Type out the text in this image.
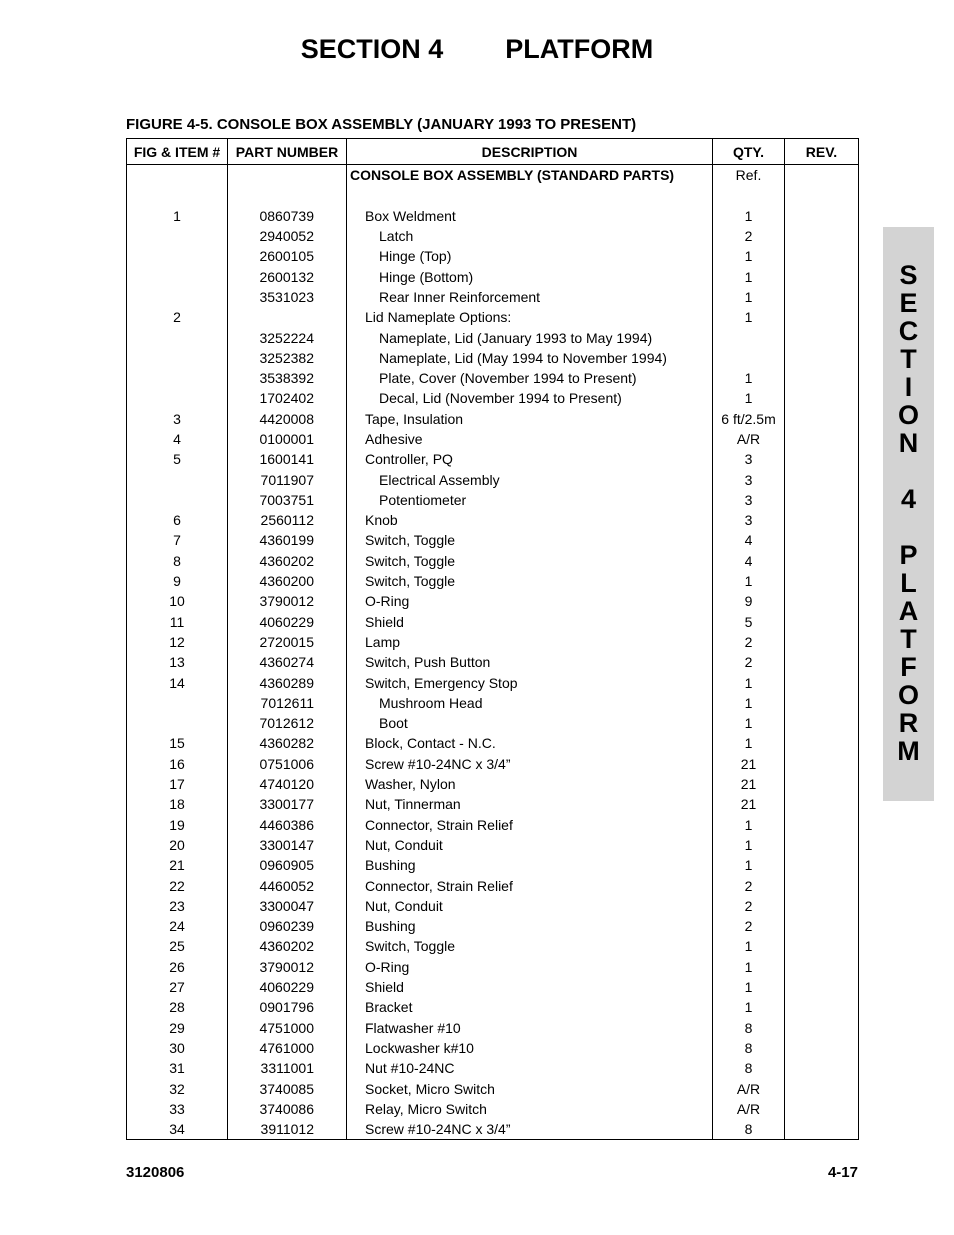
SECTION 4 PLATFORM
FIGURE 4-5. CONSOLE BOX ASSEMBLY (JANUARY 1993 TO PRESENT)
FIG & ITEM #	PART NUMBER	DESCRIPTION	QTY.	REV.
		CONSOLE BOX ASSEMBLY (STANDARD PARTS)	Ref.	

1	0860739	Box Weldment	1	
	2940052	Latch	2	
	2600105	Hinge (Top)	1	
	2600132	Hinge (Bottom)	1	
	3531023	Rear Inner Reinforcement	1	
2		Lid Nameplate Options:	1	
	3252224	Nameplate, Lid (January 1993 to May 1994)		
	3252382	Nameplate, Lid (May 1994 to November 1994)		
	3538392	Plate, Cover (November 1994 to Present)	1	
	1702402	Decal, Lid (November 1994 to Present)	1	
3	4420008	Tape, Insulation	6 ft/2.5m	
4	0100001	Adhesive	A/R	
5	1600141	Controller, PQ	3	
	7011907	Electrical Assembly	3	
	7003751	Potentiometer	3	
6	2560112	Knob	3	
7	4360199	Switch, Toggle	4	
8	4360202	Switch, Toggle	4	
9	4360200	Switch, Toggle	1	
10	3790012	O-Ring	9	
11	4060229	Shield	5	
12	2720015	Lamp	2	
13	4360274	Switch, Push Button	2	
14	4360289	Switch, Emergency Stop	1	
	7012611	Mushroom Head	1	
	7012612	Boot	1	
15	4360282	Block, Contact - N.C.	1	
16	0751006	Screw #10-24NC x 3/4”	21	
17	4740120	Washer, Nylon	21	
18	3300177	Nut, Tinnerman	21	
19	4460386	Connector, Strain Relief	1	
20	3300147	Nut, Conduit	1	
21	0960905	Bushing	1	
22	4460052	Connector, Strain Relief	2	
23	3300047	Nut, Conduit	2	
24	0960239	Bushing	2	
25	4360202	Switch, Toggle	1	
26	3790012	O-Ring	1	
27	4060229	Shield	1	
28	0901796	Bracket	1	
29	4751000	Flatwasher #10	8	
30	4761000	Lockwasher k#10	8	
31	3311001	Nut #10-24NC	8	
32	3740085	Socket, Micro Switch	A/R	
33	3740086	Relay, Micro Switch	A/R	
34	3911012	Screw #10-24NC x 3/4”	8	
S
E
C
T
I
O
N
4
P
L
A
T
F
O
R
M
3120806	4-17
